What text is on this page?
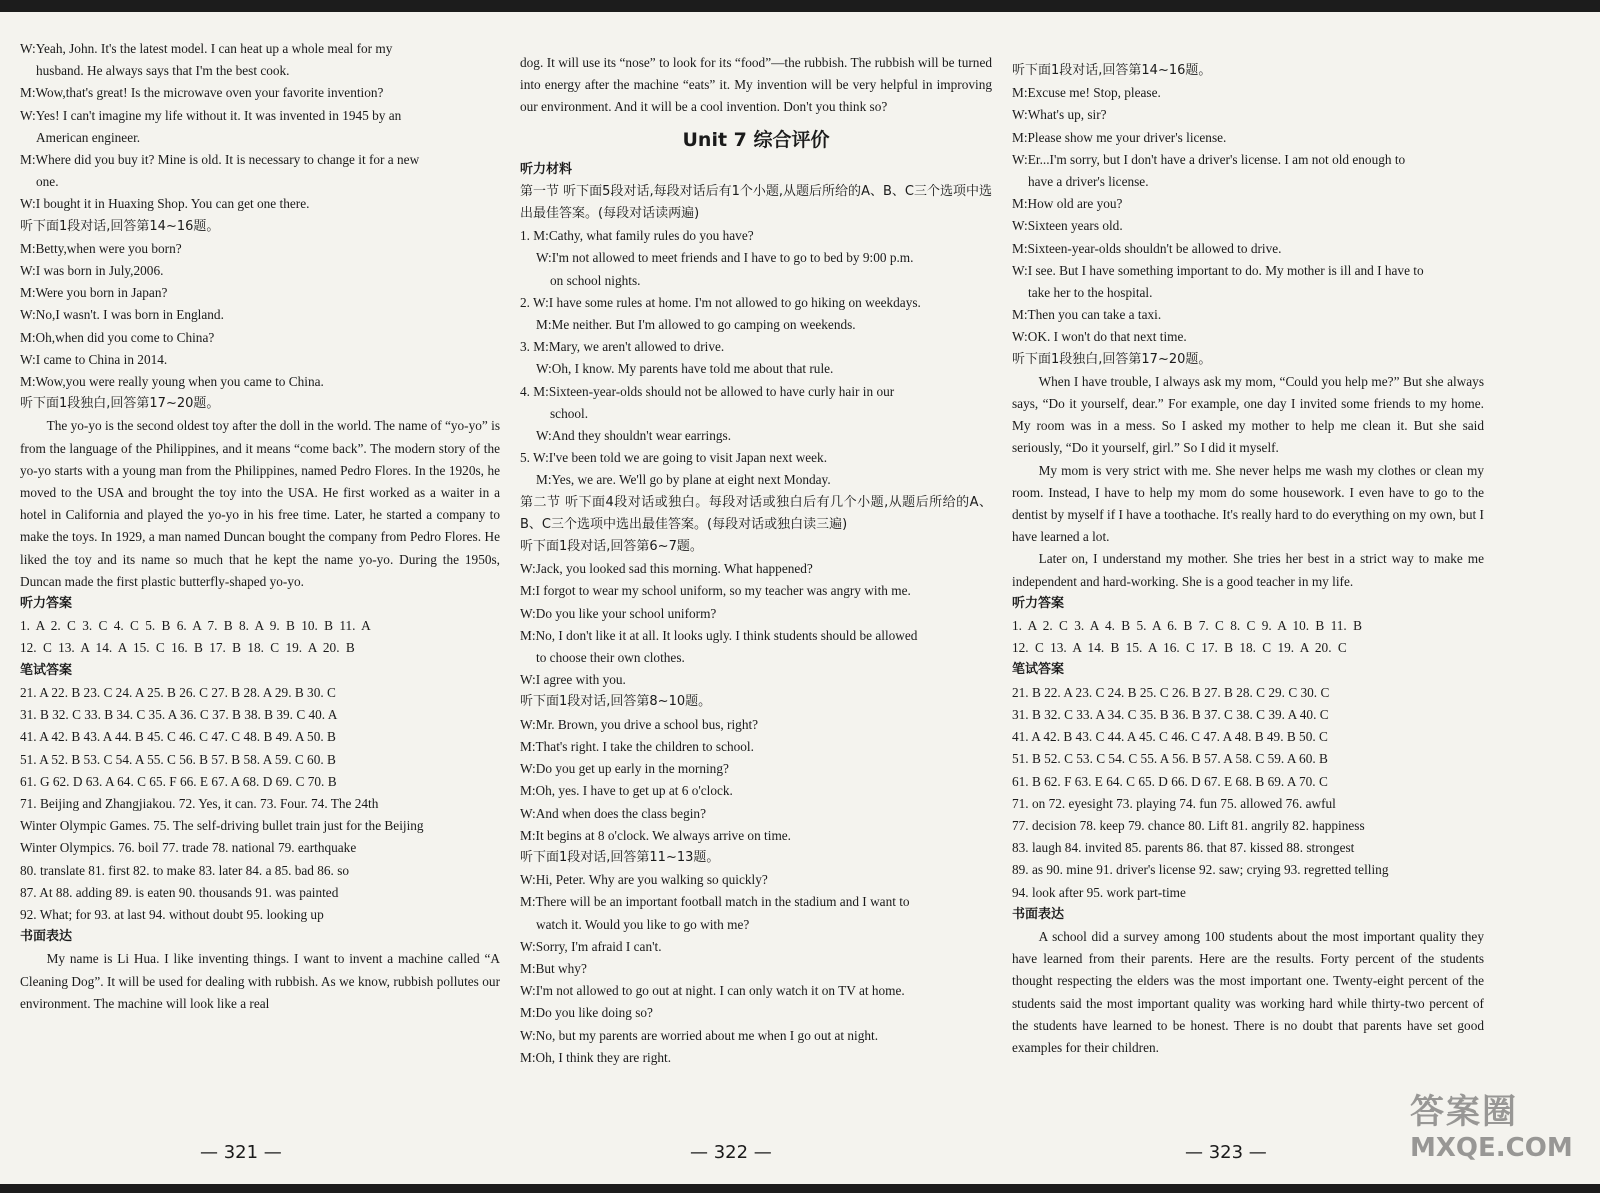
W:Yeah, John. It's the latest model. I can heat up a whole meal for my
husband. He always says that I'm the best cook.
M:Wow,that's great! Is the microwave oven your favorite invention?
W:Yes! I can't imagine my life without it. It was invented in 1945 by an
American engineer.
M:Where did you buy it? Mine is old. It is necessary to change it for a new
one.
W:I bought it in Huaxing Shop. You can get one there.
听下面1段对话,回答第14~16题。
M:Betty,when were you born?
W:I was born in July,2006.
M:Were you born in Japan?
W:No,I wasn't. I was born in England.
M:Oh,when did you come to China?
W:I came to China in 2014.
M:Wow,you were really young when you came to China.
听下面1段独白,回答第17~20题。
The yo-yo is the second oldest toy after the doll in the world. The name of “yo-yo” is from the language of the Philippines, and it means “come back”. The modern story of the yo-yo starts with a young man from the Philippines, named Pedro Flores. In the 1920s, he moved to the USA and brought the toy into the USA. He first worked as a waiter in a hotel in California and played the yo-yo in his free time. Later, he started a company to make the toys. In 1929, a man named Duncan bought the company from Pedro Flores. He liked the toy and its name so much that he kept the name yo-yo. During the 1950s, Duncan made the first plastic butterfly-shaped yo-yo.
听力答案
1. A 2. C 3. C 4. C 5. B 6. A 7. B 8. A 9. B 10. B 11. A
12. C 13. A 14. A 15. C 16. B 17. B 18. C 19. A 20. B
笔试答案
21. A 22. B 23. C 24. A 25. B 26. C 27. B 28. A 29. B 30. C
31. B 32. C 33. B 34. C 35. A 36. C 37. B 38. B 39. C 40. A
41. A 42. B 43. A 44. B 45. C 46. C 47. C 48. B 49. A 50. B
51. A 52. B 53. C 54. A 55. C 56. B 57. B 58. A 59. C 60. B
61. G 62. D 63. A 64. C 65. F 66. E 67. A 68. D 69. C 70. B
71. Beijing and Zhangjiakou. 72. Yes, it can. 73. Four. 74. The 24th
Winter Olympic Games. 75. The self-driving bullet train just for the Beijing
Winter Olympics. 76. boil 77. trade 78. national 79. earthquake
80. translate 81. first 82. to make 83. later 84. a 85. bad 86. so
87. At 88. adding 89. is eaten 90. thousands 91. was painted
92. What; for 93. at last 94. without doubt 95. looking up
书面表达
My name is Li Hua. I like inventing things. I want to invent a machine called “A Cleaning Dog”. It will be used for dealing with rubbish. As we know, rubbish pollutes our environment. The machine will look like a real
dog. It will use its “nose” to look for its “food”—the rubbish. The rubbish will be turned into energy after the machine “eats” it. My invention will be very helpful in improving our environment. And it will be a cool invention. Don't you think so?
Unit 7 综合评价
听力材料
第一节 听下面5段对话,每段对话后有1个小题,从题后所给的A、B、C三个选项中选出最佳答案。(每段对话读两遍)
1. M:Cathy, what family rules do you have?
W:I'm not allowed to meet friends and I have to go to bed by 9:00 p.m.
on school nights.
2. W:I have some rules at home. I'm not allowed to go hiking on weekdays.
M:Me neither. But I'm allowed to go camping on weekends.
3. M:Mary, we aren't allowed to drive.
W:Oh, I know. My parents have told me about that rule.
4. M:Sixteen-year-olds should not be allowed to have curly hair in our
school.
W:And they shouldn't wear earrings.
5. W:I've been told we are going to visit Japan next week.
M:Yes, we are. We'll go by plane at eight next Monday.
第二节 听下面4段对话或独白。每段对话或独白后有几个小题,从题后所给的A、B、C三个选项中选出最佳答案。(每段对话或独白读三遍)
听下面1段对话,回答第6~7题。
W:Jack, you looked sad this morning. What happened?
M:I forgot to wear my school uniform, so my teacher was angry with me.
W:Do you like your school uniform?
M:No, I don't like it at all. It looks ugly. I think students should be allowed
to choose their own clothes.
W:I agree with you.
听下面1段对话,回答第8~10题。
W:Mr. Brown, you drive a school bus, right?
M:That's right. I take the children to school.
W:Do you get up early in the morning?
M:Oh, yes. I have to get up at 6 o'clock.
W:And when does the class begin?
M:It begins at 8 o'clock. We always arrive on time.
听下面1段对话,回答第11~13题。
W:Hi, Peter. Why are you walking so quickly?
M:There will be an important football match in the stadium and I want to
watch it. Would you like to go with me?
W:Sorry, I'm afraid I can't.
M:But why?
W:I'm not allowed to go out at night. I can only watch it on TV at home.
M:Do you like doing so?
W:No, but my parents are worried about me when I go out at night.
M:Oh, I think they are right.
听下面1段对话,回答第14~16题。
M:Excuse me! Stop, please.
W:What's up, sir?
M:Please show me your driver's license.
W:Er...I'm sorry, but I don't have a driver's license. I am not old enough to
have a driver's license.
M:How old are you?
W:Sixteen years old.
M:Sixteen-year-olds shouldn't be allowed to drive.
W:I see. But I have something important to do. My mother is ill and I have to
take her to the hospital.
M:Then you can take a taxi.
W:OK. I won't do that next time.
听下面1段独白,回答第17~20题。
When I have trouble, I always ask my mom, “Could you help me?” But she always says, “Do it yourself, dear.” For example, one day I invited some friends to my home. My room was in a mess. So I asked my mother to help me clean it. But she said seriously, “Do it yourself, girl.” So I did it myself.
My mom is very strict with me. She never helps me wash my clothes or clean my room. Instead, I have to help my mom do some housework. I even have to go to the dentist by myself if I have a toothache. It's really hard to do everything on my own, but I have learned a lot.
Later on, I understand my mother. She tries her best in a strict way to make me independent and hard-working. She is a good teacher in my life.
听力答案
1. A 2. C 3. A 4. B 5. A 6. B 7. C 8. C 9. A 10. B 11. B
12. C 13. A 14. B 15. A 16. C 17. B 18. C 19. A 20. C
笔试答案
21. B 22. A 23. C 24. B 25. C 26. B 27. B 28. C 29. C 30. C
31. B 32. C 33. A 34. C 35. B 36. B 37. C 38. C 39. A 40. C
41. A 42. B 43. C 44. A 45. C 46. C 47. A 48. B 49. B 50. C
51. B 52. C 53. C 54. C 55. A 56. B 57. A 58. C 59. A 60. B
61. B 62. F 63. E 64. C 65. D 66. D 67. E 68. B 69. A 70. C
71. on 72. eyesight 73. playing 74. fun 75. allowed 76. awful
77. decision 78. keep 79. chance 80. Lift 81. angrily 82. happiness
83. laugh 84. invited 85. parents 86. that 87. kissed 88. strongest
89. as 90. mine 91. driver's license 92. saw; crying 93. regretted telling
94. look after 95. work part-time
书面表达
A school did a survey among 100 students about the most important quality they have learned from their parents. Here are the results. Forty percent of the students thought respecting the elders was the most important one. Twenty-eight percent of the students said the most important quality was working hard while thirty-two percent of the students have learned to be honest. There is no doubt that parents have set good examples for their children.
— 321 —	— 322 —	— 323 —
答案圈
MXQE.COM
